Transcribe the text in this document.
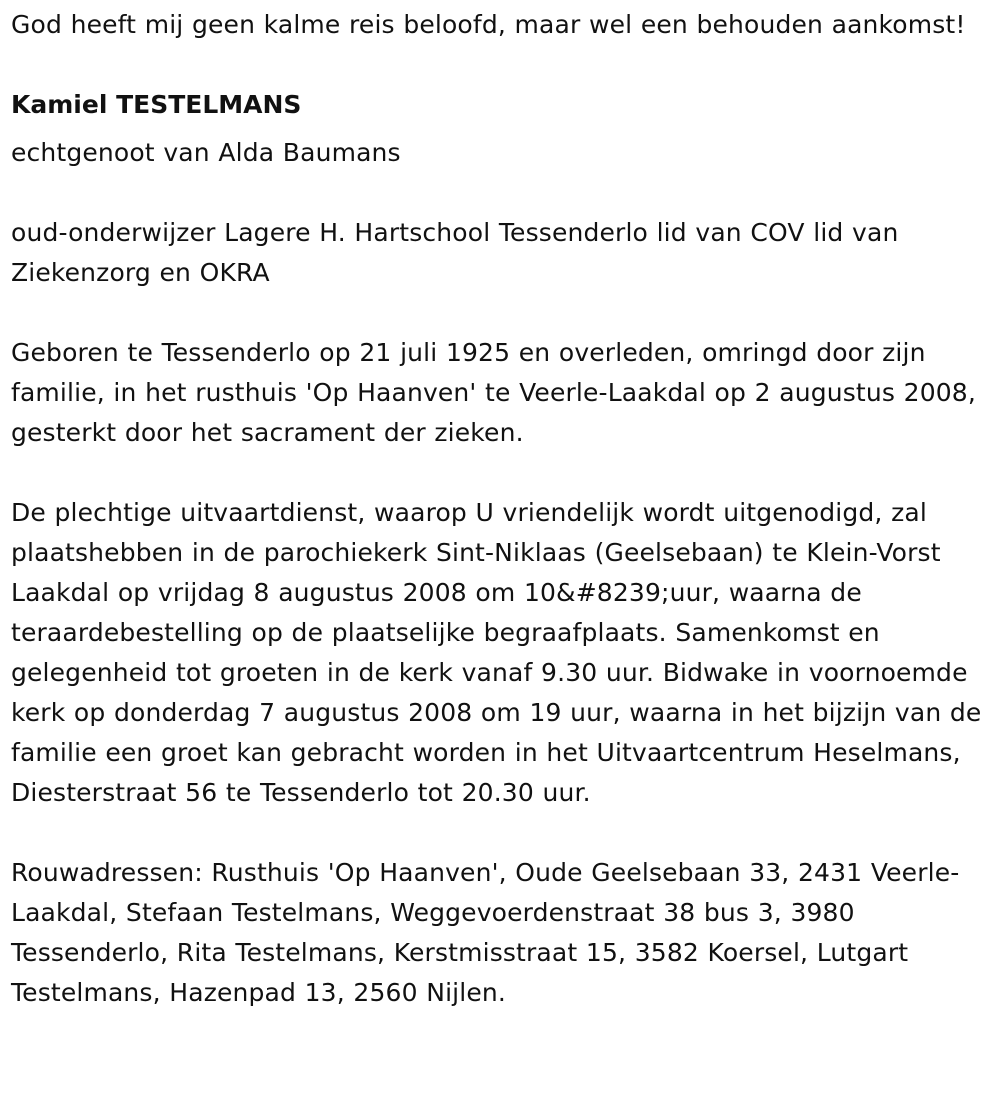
God heeft mij geen kalme reis beloofd, maar wel een behouden aankomst!

Kamiel TESTELMANS

echtgenoot van Alda Baumans

oud-onderwijzer Lagere H. Hartschool Tessenderlo lid van COV lid van Ziekenzorg en OKRA

Geboren te Tessenderlo op 21 juli 1925 en overleden, omringd door zijn familie, in het rusthuis 'Op Haanven' te Veerle-Laakdal op 2 augustus 2008, gesterkt door het sacrament der zieken.

De plechtige uitvaartdienst, waarop U vriendelijk wordt uitgenodigd, zal plaatshebben in de parochiekerk Sint-Niklaas (Geelsebaan) te Klein-Vorst Laakdal op vrijdag 8 augustus 2008 om 10&#8239;uur, waarna de teraardebestelling op de plaatselijke begraafplaats. Samenkomst en gelegenheid tot groeten in de kerk vanaf 9.30 uur. Bidwake in voornoemde kerk op donderdag 7 augustus 2008 om 19 uur, waarna in het bijzijn van de familie een groet kan gebracht worden in het Uitvaartcentrum Heselmans, Diesterstraat 56 te Tessenderlo tot 20.30 uur.

Rouwadressen: Rusthuis 'Op Haanven', Oude Geelsebaan 33, 2431 Veerle-Laakdal, Stefaan Testelmans, Weggevoerdenstraat 38 bus 3, 3980 Tessenderlo, Rita Testelmans, Kerstmisstraat 15, 3582 Koersel, Lutgart Testelmans, Hazenpad 13, 2560 Nijlen.
